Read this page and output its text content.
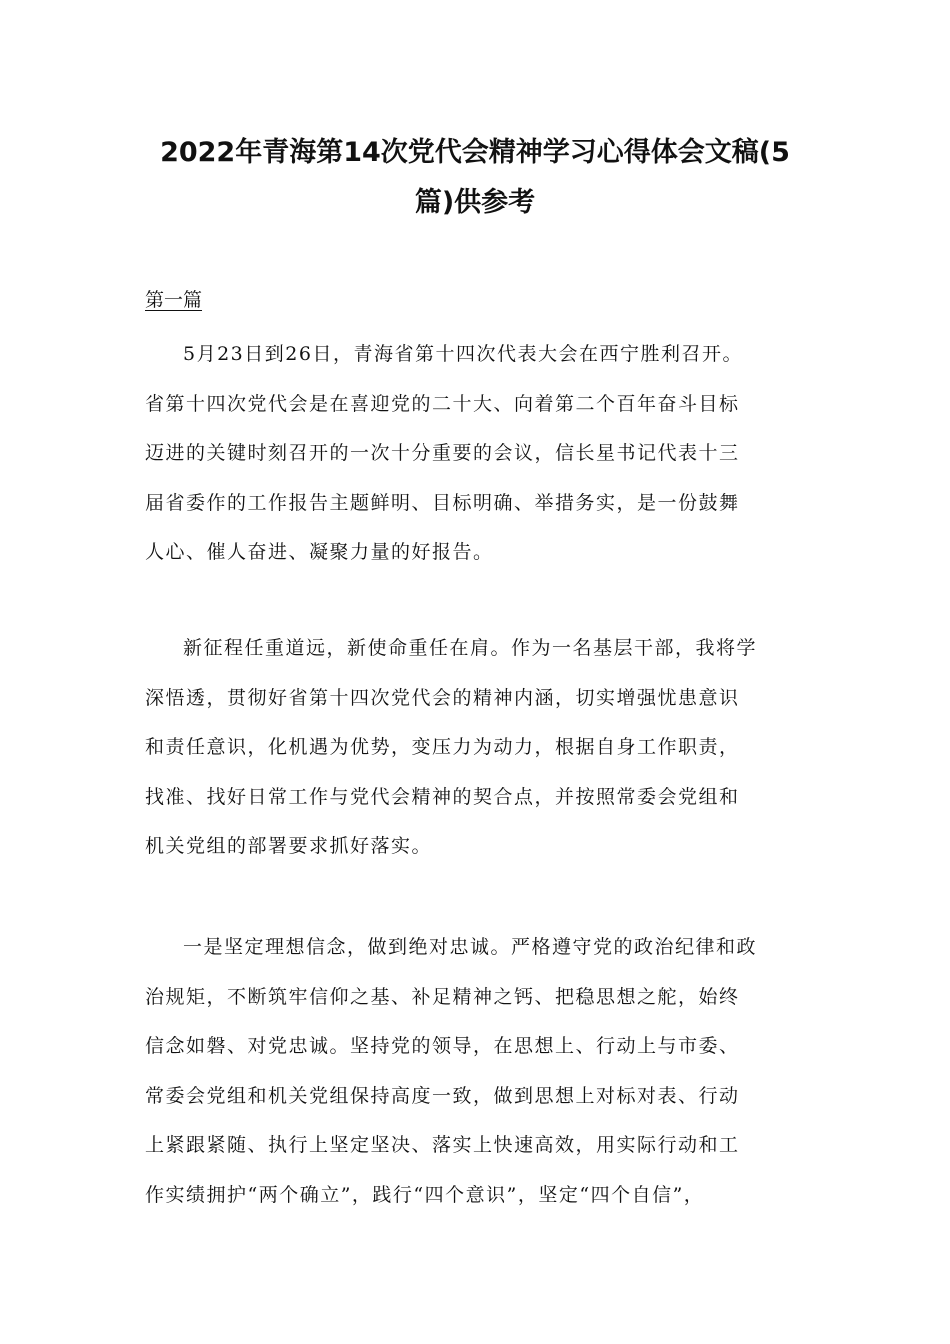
2022年青海第14次党代会精神学习心得体会文稿(5
篇)供参考

第一篇

5月23日到26日，青海省第十四次代表大会在西宁胜利召开。
省第十四次党代会是在喜迎党的二十大、向着第二个百年奋斗目标
迈进的关键时刻召开的一次十分重要的会议，信长星书记代表十三
届省委作的工作报告主题鲜明、目标明确、举措务实，是一份鼓舞
人心、催人奋进、凝聚力量的好报告。

新征程任重道远，新使命重任在肩。作为一名基层干部，我将学
深悟透，贯彻好省第十四次党代会的精神内涵，切实增强忧患意识
和责任意识，化机遇为优势，变压力为动力，根据自身工作职责，
找准、找好日常工作与党代会精神的契合点，并按照常委会党组和
机关党组的部署要求抓好落实。

一是坚定理想信念，做到绝对忠诚。严格遵守党的政治纪律和政
治规矩，不断筑牢信仰之基、补足精神之钙、把稳思想之舵，始终
信念如磐、对党忠诚。坚持党的领导，在思想上、行动上与市委、
常委会党组和机关党组保持高度一致，做到思想上对标对表、行动
上紧跟紧随、执行上坚定坚决、落实上快速高效，用实际行动和工
作实绩拥护“两个确立”，践行“四个意识”，坚定“四个自信”，
